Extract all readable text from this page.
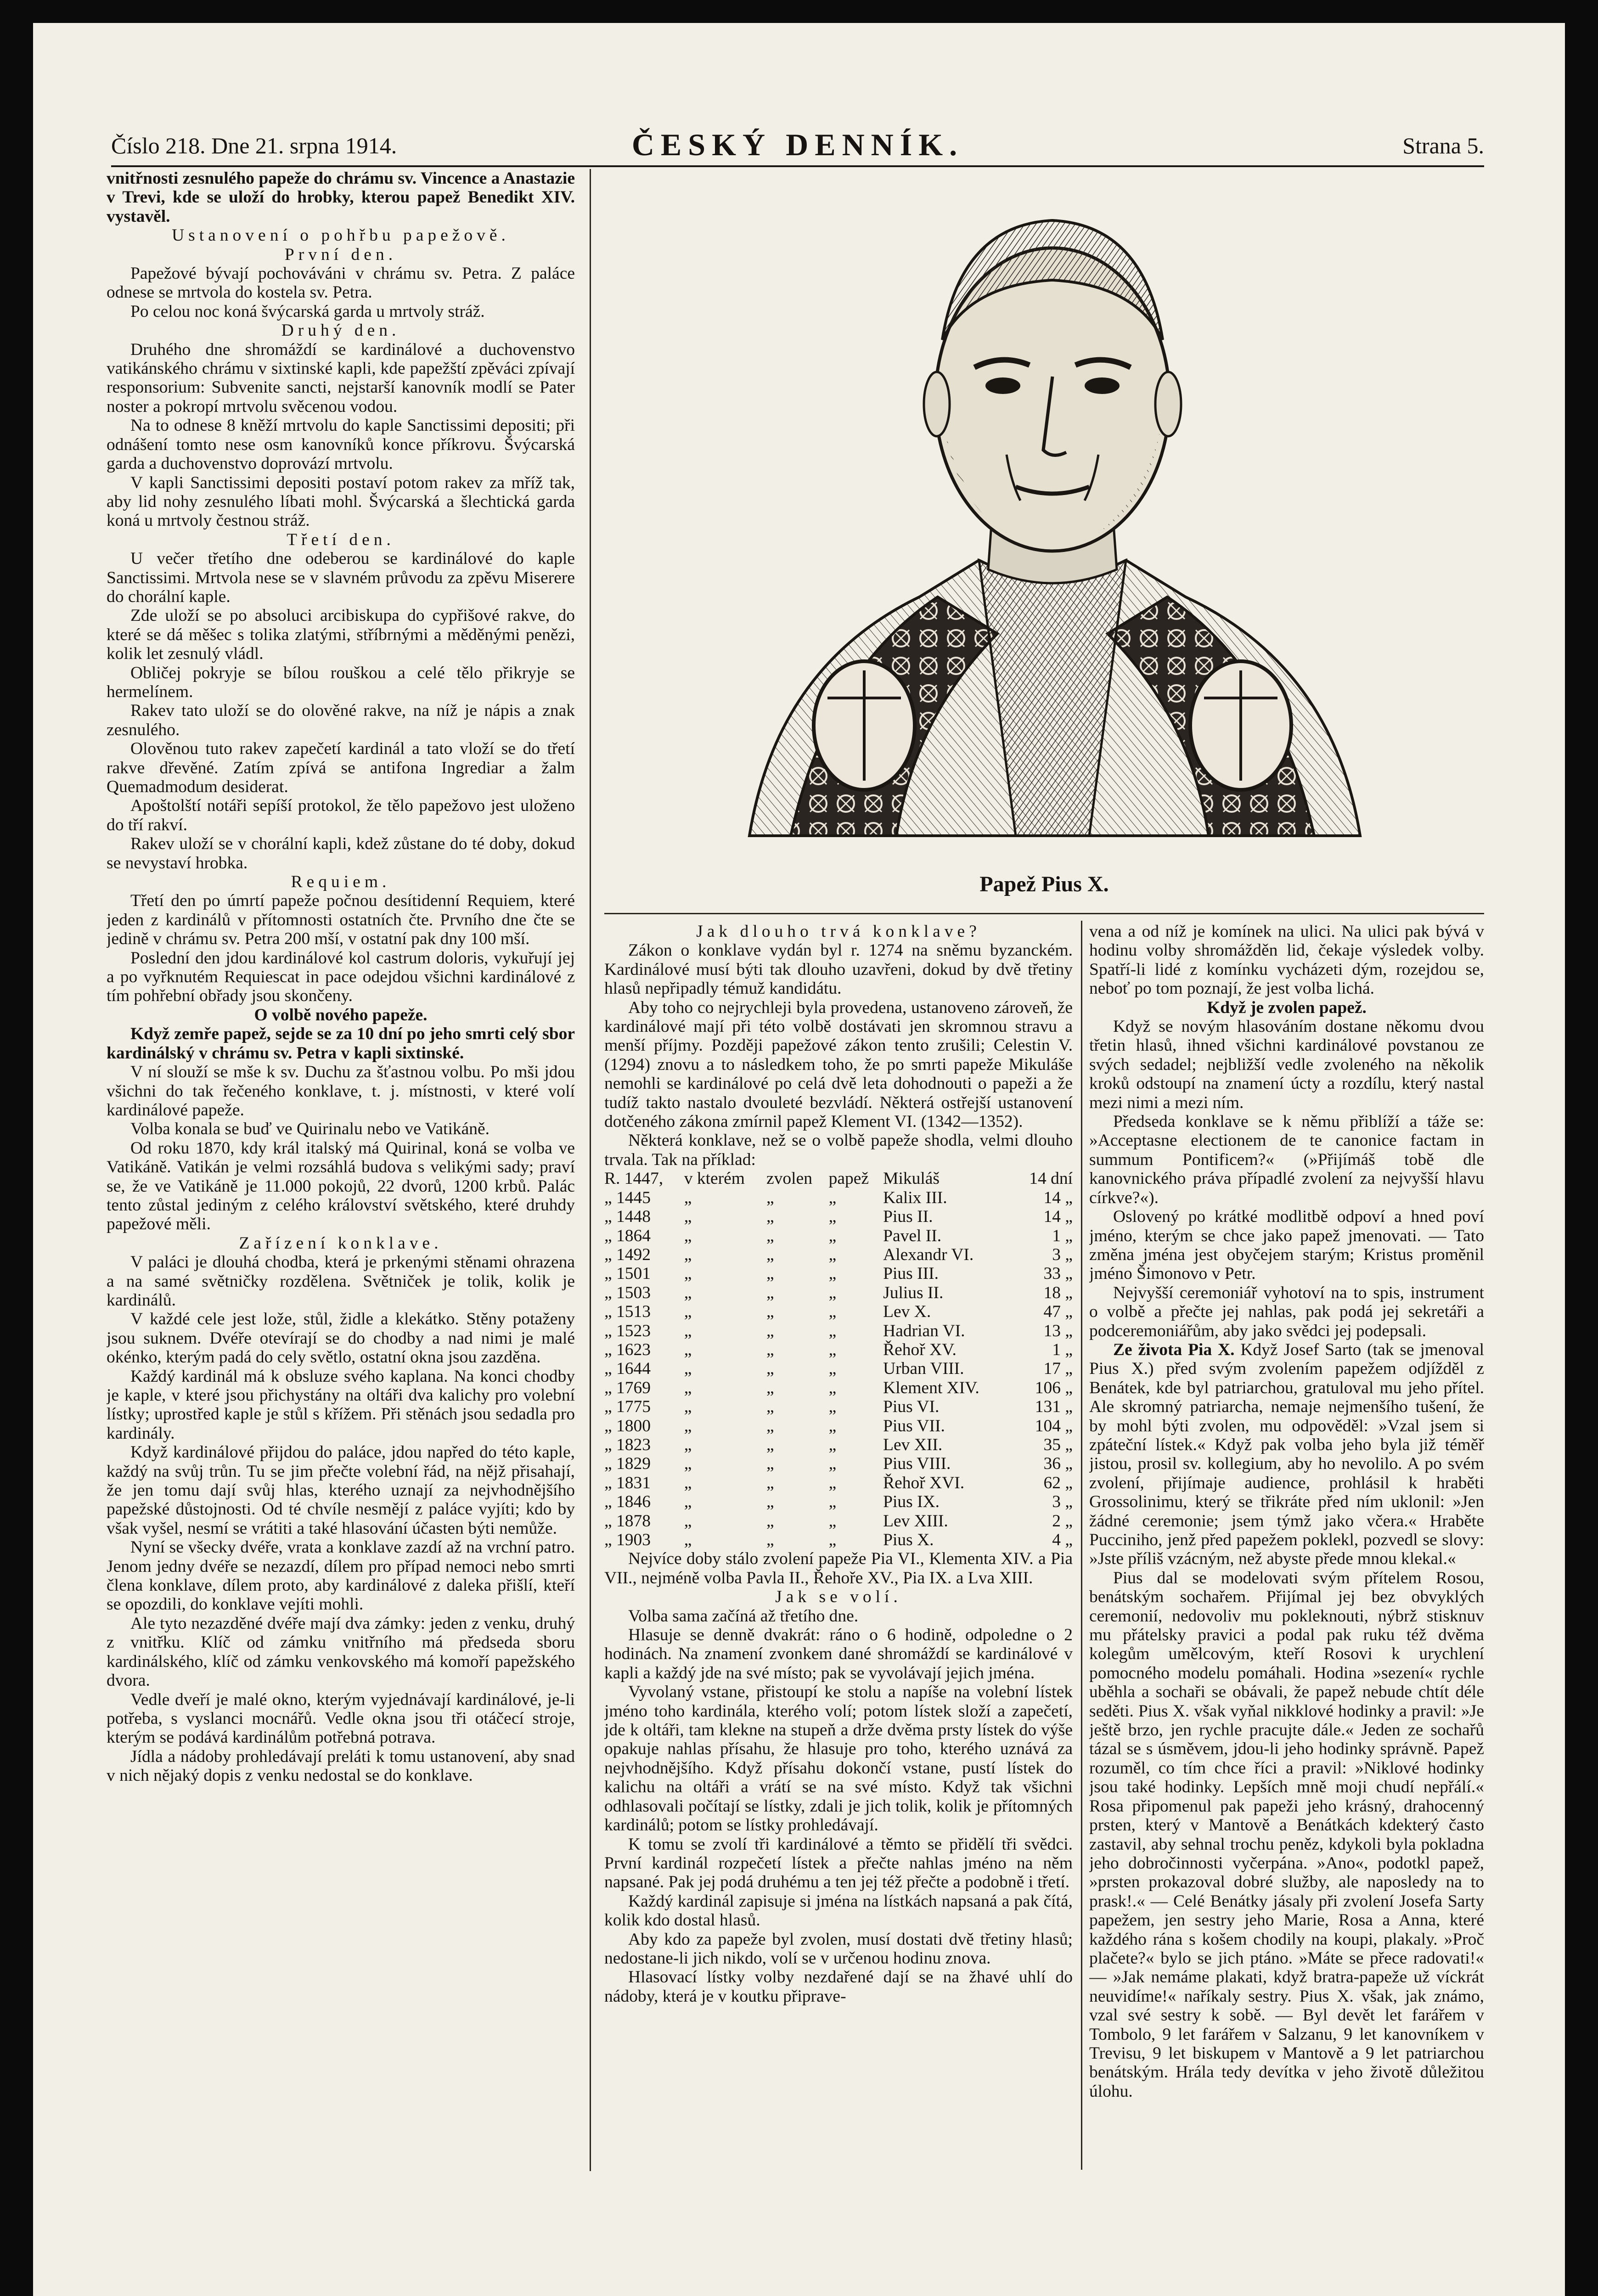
Číslo 218. Dne 21. srpna 1914.	ČESKÝ DENNÍK.	Strana 5.

vnitřnosti zesnulého papeže do chrámu sv. Vincence a Anastazie v Trevi, kde se uloží do hrobky, kterou papež Benedikt XIV. vystavěl.

Ustanovení o pohřbu papežově.

První den.

Papežové bývají pochováváni v chrámu sv. Petra. Z paláce odnese se mrtvola do kostela sv. Petra.

Po celou noc koná švýcarská garda u mrtvoly stráž.

Druhý den.

Druhého dne shromáždí se kardinálové a duchovenstvo vatikánského chrámu v sixtinské kapli, kde papežští zpěváci zpívají responsorium: Subvenite sancti, nejstarší kanovník modlí se Pater noster a pokropí mrtvolu svěcenou vodou.

Na to odnese 8 kněží mrtvolu do kaple Sanctissimi depositi; při odnášení tomto nese osm kanovníků konce příkrovu. Švýcarská garda a duchovenstvo doprovází mrtvolu.

V kapli Sanctissimi depositi postaví potom rakev za mříž tak, aby lid nohy zesnulého líbati mohl. Švýcarská a šlechtická garda koná u mrtvoly čestnou stráž.

Třetí den.

U večer třetího dne odeberou se kardinálové do kaple Sanctissimi. Mrtvola nese se v slavném průvodu za zpěvu Miserere do chorální kaple.

Zde uloží se po absoluci arcibiskupa do cypřišové rakve, do které se dá měšec s tolika zlatými, stříbrnými a měděnými penězi, kolik let zesnulý vládl.

Obličej pokryje se bílou rouškou a celé tělo přikryje se hermelínem.

Rakev tato uloží se do olověné rakve, na níž je nápis a znak zesnulého.

Olověnou tuto rakev zapečetí kardinál a tato vloží se do třetí rakve dřevěné. Zatím zpívá se antifona Ingrediar a žalm Quemadmodum desiderat.

Apoštolští notáři sepíší protokol, že tělo papežovo jest uloženo do tří rakví.

Rakev uloží se v chorální kapli, kdež zůstane do té doby, dokud se nevystaví hrobka.

Requiem.

Třetí den po úmrtí papeže počnou desítidenní Requiem, které jeden z kardinálů v přítomnosti ostatních čte. Prvního dne čte se jedině v chrámu sv. Petra 200 mší, v ostatní pak dny 100 mší.

Poslední den jdou kardinálové kol castrum doloris, vykuřují jej a po vyřknutém Requiescat in pace odejdou všichni kardinálové z tím pohřební obřady jsou skončeny.

O volbě nového papeže.

Když zemře papež, sejde se za 10 dní po jeho smrti celý sbor kardinálský v chrámu sv. Petra v kapli sixtinské.

V ní slouží se mše k sv. Duchu za šťastnou volbu. Po mši jdou všichni do tak řečeného konklave, t. j. místnosti, v které volí kardinálové papeže.

Volba konala se buď ve Quirinalu nebo ve Vatikáně.

Od roku 1870, kdy král italský má Quirinal, koná se volba ve Vatikáně. Vatikán je velmi rozsáhlá budova s velikými sady; praví se, že ve Vatikáně je 11.000 pokojů, 22 dvorů, 1200 krbů. Palác tento zůstal jediným z celého království světského, které druhdy papežové měli.

Zařízení konklave.

V paláci je dlouhá chodba, která je prkenými stěnami ohrazena a na samé světničky rozdělena. Světniček je tolik, kolik je kardinálů.

V každé cele jest lože, stůl, židle a klekátko. Stěny potaženy jsou suknem. Dvéře otevírají se do chodby a nad nimi je malé okénko, kterým padá do cely světlo, ostatní okna jsou zazděna.

Každý kardinál má k obsluze svého kaplana. Na konci chodby je kaple, v které jsou přichystány na oltáři dva kalichy pro volební lístky; uprostřed kaple je stůl s křížem. Při stěnách jsou sedadla pro kardinály.

Když kardinálové přijdou do paláce, jdou napřed do této kaple, každý na svůj trůn. Tu se jim přečte volební řád, na nějž přisahají, že jen tomu dají svůj hlas, kterého uznají za nejvhodnějšího papežské důstojnosti. Od té chvíle nesmějí z paláce vyjíti; kdo by však vyšel, nesmí se vrátiti a také hlasování účasten býti nemůže.

Nyní se všecky dvéře, vrata a konklave zazdí až na vrchní patro. Jenom jedny dvéře se nezazdí, dílem pro případ nemoci nebo smrti člena konklave, dílem proto, aby kardinálové z daleka přišlí, kteří se opozdili, do konklave vejíti mohli.

Ale tyto nezazděné dvéře mají dva zámky: jeden z venku, druhý z vnitřku. Klíč od zámku vnitřního má předseda sboru kardinálského, klíč od zámku venkovského má komoří papežského dvora.

Vedle dveří je malé okno, kterým vyjednávají kardinálové, je-li potřeba, s vyslanci mocnářů. Vedle okna jsou tři otáčecí stroje, kterým se podává kardinálům potřebná potrava.

Jídla a nádoby prohledávají preláti k tomu ustanovení, aby snad v nich nějaký dopis z venku nedostal se do konklave.

Papež Pius X.

Jak dlouho trvá konklave?

Zákon o konklave vydán byl r. 1274 na sněmu byzanckém. Kardinálové musí býti tak dlouho uzavřeni, dokud by dvě třetiny hlasů nepřipadly témuž kandidátu.

Aby toho co nejrychleji byla provedena, ustanoveno zároveň, že kardinálové mají při této volbě dostávati jen skromnou stravu a menší příjmy. Později papežové zákon tento zrušili; Celestin V. (1294) znovu a to následkem toho, že po smrti papeže Mikuláše nemohli se kardinálové po celá dvě leta dohodnouti o papeži a že tudíž takto nastalo dvouleté bezvládí. Některá ostřejší ustanovení dotčeného zákona zmírnil papež Klement VI. (1342—1352).

Některá konklave, než se o volbě papeže shodla, velmi dlouho trvala. Tak na příklad:

R. 1447,	v kterém	zvolen	papež	Mikuláš	14 dní
„ 1445	„	„	„	Kalix III.	14 „
„ 1448	„	„	„	Pius II.	14 „
„ 1864	„	„	„	Pavel II.	1 „
„ 1492	„	„	„	Alexandr VI.	3 „
„ 1501	„	„	„	Pius III.	33 „
„ 1503	„	„	„	Julius II.	18 „
„ 1513	„	„	„	Lev X.	47 „
„ 1523	„	„	„	Hadrian VI.	13 „
„ 1623	„	„	„	Řehoř XV.	1 „
„ 1644	„	„	„	Urban VIII.	17 „
„ 1769	„	„	„	Klement XIV.	106 „
„ 1775	„	„	„	Pius VI.	131 „
„ 1800	„	„	„	Pius VII.	104 „
„ 1823	„	„	„	Lev XII.	35 „
„ 1829	„	„	„	Pius VIII.	36 „
„ 1831	„	„	„	Řehoř XVI.	62 „
„ 1846	„	„	„	Pius IX.	3 „
„ 1878	„	„	„	Lev XIII.	2 „
„ 1903	„	„	„	Pius X.	4 „

Nejvíce doby stálo zvolení papeže Pia VI., Klementa XIV. a Pia VII., nejméně volba Pavla II., Řehoře XV., Pia IX. a Lva XIII.

Jak se volí.

Volba sama začíná až třetího dne.

Hlasuje se denně dvakrát: ráno o 6 hodině, odpoledne o 2 hodinách. Na znamení zvonkem dané shromáždí se kardinálové v kapli a každý jde na své místo; pak se vyvolávají jejich jména.

Vyvolaný vstane, přistoupí ke stolu a napíše na volební lístek jméno toho kardinála, kterého volí; potom lístek složí a zapečetí, jde k oltáři, tam klekne na stupeň a drže dvěma prsty lístek do výše opakuje nahlas přísahu, že hlasuje pro toho, kterého uznává za nejvhodnějšího. Když přísahu dokončí vstane, pustí lístek do kalichu na oltáři a vrátí se na své místo. Když tak všichni odhlasovali počítají se lístky, zdali je jich tolik, kolik je přítomných kardinálů; potom se lístky prohledávají.

K tomu se zvolí tři kardinálové a těmto se přidělí tři svědci. První kardinál rozpečetí lístek a přečte nahlas jméno na něm napsané. Pak jej podá druhému a ten jej též přečte a podobně i třetí.

Každý kardinál zapisuje si jména na lístkách napsaná a pak čítá, kolik kdo dostal hlasů.

Aby kdo za papeže byl zvolen, musí dostati dvě třetiny hlasů; nedostane-li jich nikdo, volí se v určenou hodinu znova.

Hlasovací lístky volby nezdařené dají se na žhavé uhlí do nádoby, která je v koutku připrave-

vena a od níž je komínek na ulici. Na ulici pak bývá v hodinu volby shromážděn lid, čekaje výsledek volby. Spatří-li lidé z komínku vycházeti dým, rozejdou se, neboť po tom poznají, že jest volba lichá.

Když je zvolen papež.

Když se novým hlasováním dostane někomu dvou třetin hlasů, ihned všichni kardinálové povstanou ze svých sedadel; nejbližší vedle zvoleného na několik kroků odstoupí na znamení úcty a rozdílu, který nastal mezi nimi a mezi ním.

Předseda konklave se k němu přiblíží a táže se: »Acceptasne electionem de te canonice factam in summum Pontificem?« (»Přijímáš tobě dle kanovnického práva případlé zvolení za nejvyšší hlavu církve?«).

Oslovený po krátké modlitbě odpoví a hned poví jméno, kterým se chce jako papež jmenovati. — Tato změna jména jest obyčejem starým; Kristus proměnil jméno Šimonovo v Petr.

Nejvyšší ceremoniář vyhotoví na to spis, instrument o volbě a přečte jej nahlas, pak podá jej sekretáři a podceremoniářům, aby jako svědci jej podepsali.

Ze života Pia X. Když Josef Sarto (tak se jmenoval Pius X.) před svým zvolením papežem odjížděl z Benátek, kde byl patriarchou, gratuloval mu jeho přítel. Ale skromný patriarcha, nemaje nejmenšího tušení, že by mohl býti zvolen, mu odpověděl: »Vzal jsem si zpáteční lístek.« Když pak volba jeho byla již téměř jistou, prosil sv. kollegium, aby ho nevolilo. A po svém zvolení, přijímaje audience, prohlásil k hraběti Grossolinimu, který se třikráte před ním uklonil: »Jen žádné ceremonie; jsem týmž jako včera.« Hraběte Puccinihо, jenž před papežem poklekl, pozvedl se slovy: »Jste příliš vzácným, než abyste přede mnou klekal.«

Pius dal se modelovati svým přítelem Rosou, benátským sochařem. Přijímal jej bez obvyklých ceremonií, nedovoliv mu pokleknouti, nýbrž stisknuv mu přátelsky pravici a podal pak ruku též dvěma kolegům umělcovým, kteří Rosovi k urychlení pomocného modelu pomáhali. Hodina »sezení« rychle uběhla a sochaři se obávali, že papež nebude chtít déle seděti. Pius X. však vyňal nikklové hodinky a pravil: »Je ještě brzo, jen rychle pracujte dále.« Jeden ze sochařů tázal se s úsměvem, jdou-li jeho hodinky správně. Papež rozuměl, co tím chce říci a pravil: »Niklové hodinky jsou také hodinky. Lepších mně moji chudí nepřálí.« Rosa připomenul pak papeži jeho krásný, drahocenný prsten, který v Mantově a Benátkách kdekterý často zastavil, aby sehnal trochu peněz, kdykoli byla pokladna jeho dobročinnosti vyčerpána. »Ano«, podotkl papež, »prsten prokazoval dobré služby, ale naposledy na to prask!.« — Celé Benátky jásaly při zvolení Josefa Sarty papežem, jen sestry jeho Marie, Rosa a Anna, které každého rána s košem chodily na koupi, plakaly. »Proč plačete?« bylo se jich ptáno. »Máte se přece radovati!« — »Jak nemáme plakati, když bratra-papeže už víckrát neuvidíme!« naříkaly sestry. Pius X. však, jak známo, vzal své sestry k sobě. — Byl devět let farářem v Tombolo, 9 let farářem v Salzanu, 9 let kanovníkem v Trevisu, 9 let biskupem v Mantově a 9 let patriarchou benátským. Hrála tedy devítka v jeho životě důležitou úlohu.
